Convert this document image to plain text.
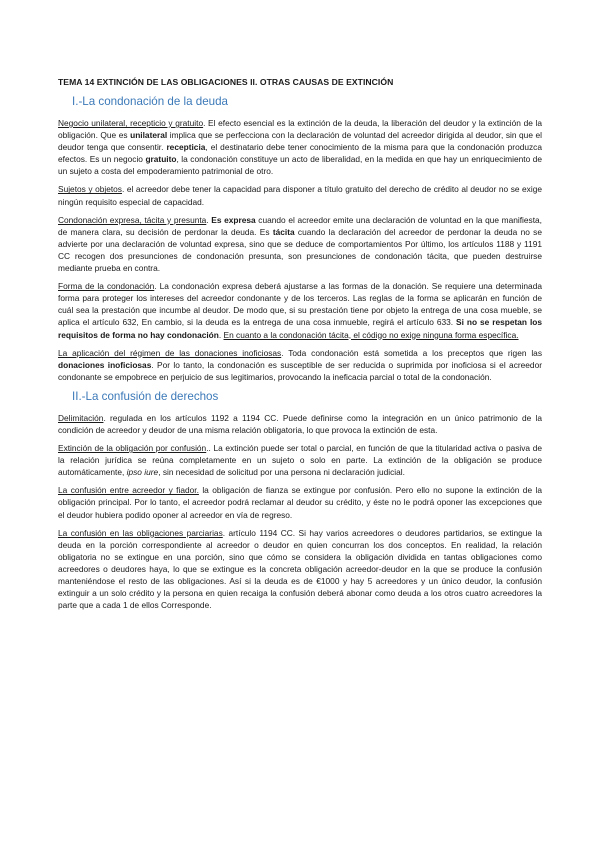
TEMA 14 EXTINCIÓN DE LAS OBLIGACIONES II. OTRAS CAUSAS DE EXTINCIÓN
I.-La condonación de la deuda

Negocio unilateral, recepticio y gratuito. El efecto esencial es la extinción de la deuda, la liberación del deudor y la extinción de la obligación. Que es unilateral implica que se perfecciona con la declaración de voluntad del acreedor dirigida al deudor, sin que el deudor tenga que consentir. recepticia, el destinatario debe tener conocimiento de la misma para que la condonación produzca efectos. Es un negocio gratuito, la condonación constituye un acto de liberalidad, en la medida en que hay un enriquecimiento de un sujeto a costa del empoderamiento patrimonial de otro.

Sujetos y objetos. el acreedor debe tener la capacidad para disponer a título gratuito del derecho de crédito al deudor no se exige ningún requisito especial de capacidad.

Condonación expresa, tácita y presunta. Es expresa cuando el acreedor emite una declaración de voluntad en la que manifiesta, de manera clara, su decisión de perdonar la deuda. Es tácita cuando la declaración del acreedor de perdonar la deuda no se advierte por una declaración de voluntad expresa, sino que se deduce de comportamientos Por último, los artículos 1188 y 1191 CC recogen dos presunciones de condonación presunta, son presunciones de condonación tácita, que pueden destruirse mediante prueba en contra.

Forma de la condonación. La condonación expresa deberá ajustarse a las formas de la donación. Se requiere una determinada forma para proteger los intereses del acreedor condonante y de los terceros. Las reglas de la forma se aplicarán en función de cuál sea la prestación que incumbe al deudor. De modo que, si su prestación tiene por objeto la entrega de una cosa mueble, se aplica el artículo 632, En cambio, si la deuda es la entrega de una cosa inmueble, regirá el artículo 633. Si no se respetan los requisitos de forma no hay condonación. En cuanto a la condonación tácita, el código no exige ninguna forma específica.

La aplicación del régimen de las donaciones inoficiosas. Toda condonación está sometida a los preceptos que rigen las donaciones inoficiosas. Por lo tanto, la condonación es susceptible de ser reducida o suprimida por inoficiosa si el acreedor condonante se empobrece en perjuicio de sus legitimarios, provocando la ineficacia parcial o total de la condonación.

II.-La confusión de derechos

Delimitación. regulada en los artículos 1192 a 1194 CC. Puede definirse como la integración en un único patrimonio de la condición de acreedor y deudor de una misma relación obligatoria, lo que provoca la extinción de esta.

Extinción de la obligación por confusión.. La extinción puede ser total o parcial, en función de que la titularidad activa o pasiva de la relación jurídica se reúna completamente en un sujeto o solo en parte. La extinción de la obligación se produce automáticamente, ipso iure, sin necesidad de solicitud por una persona ni declaración judicial.

La confusión entre acreedor y fiador. la obligación de fianza se extingue por confusión. Pero ello no supone la extinción de la obligación principal. Por lo tanto, el acreedor podrá reclamar al deudor su crédito, y éste no le podrá oponer las excepciones que el deudor hubiera podido oponer al acreedor en vía de regreso.

La confusión en las obligaciones parciarias. artículo 1194 CC. Si hay varios acreedores o deudores partidarios, se extingue la deuda en la porción correspondiente al acreedor o deudor en quien concurran los dos conceptos. En realidad, la relación obligatoria no se extingue en una porción, sino que cómo se considera la obligación dividida en tantas obligaciones como acreedores o deudores haya, lo que se extingue es la concreta obligación acreedor-deudor en la que se produce la confusión manteniéndose el resto de las obligaciones. Así si la deuda es de €1000 y hay 5 acreedores y un único deudor, la confusión extinguir a un solo crédito y la persona en quien recaiga la confusión deberá abonar como deuda a los otros cuatro acreedores la parte que a cada 1 de ellos Corresponde.
